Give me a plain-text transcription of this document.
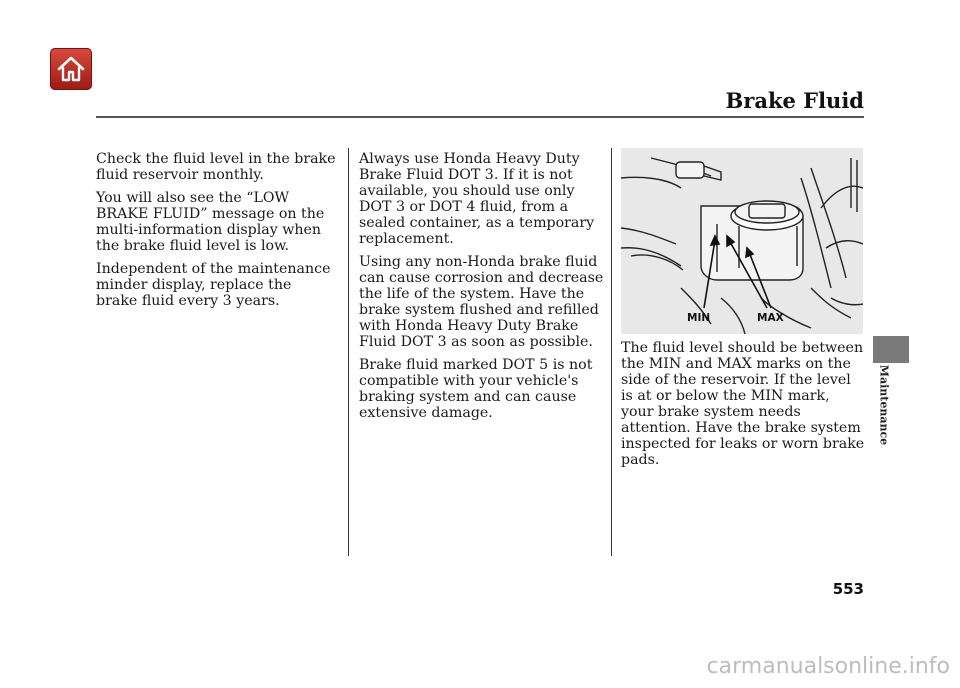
Brake Fluid

Check the fluid level in the brake fluid reservoir monthly.

You will also see the “LOW BRAKE FLUID” message on the multi-information display when the brake fluid level is low.

Independent of the maintenance minder display, replace the brake fluid every 3 years.

Always use Honda Heavy Duty Brake Fluid DOT 3. If it is not available, you should use only DOT 3 or DOT 4 fluid, from a sealed container, as a temporary replacement.

Using any non-Honda brake fluid can cause corrosion and decrease the life of the system. Have the brake system flushed and refilled with Honda Heavy Duty Brake Fluid DOT 3 as soon as possible.

Brake fluid marked DOT 5 is not compatible with your vehicle's braking system and can cause extensive damage.

MIN	MAX

The fluid level should be between the MIN and MAX marks on the side of the reservoir. If the level is at or below the MIN mark, your brake system needs attention. Have the brake system inspected for leaks or worn brake pads.

Maintenance
553
carmanualsonline.info
